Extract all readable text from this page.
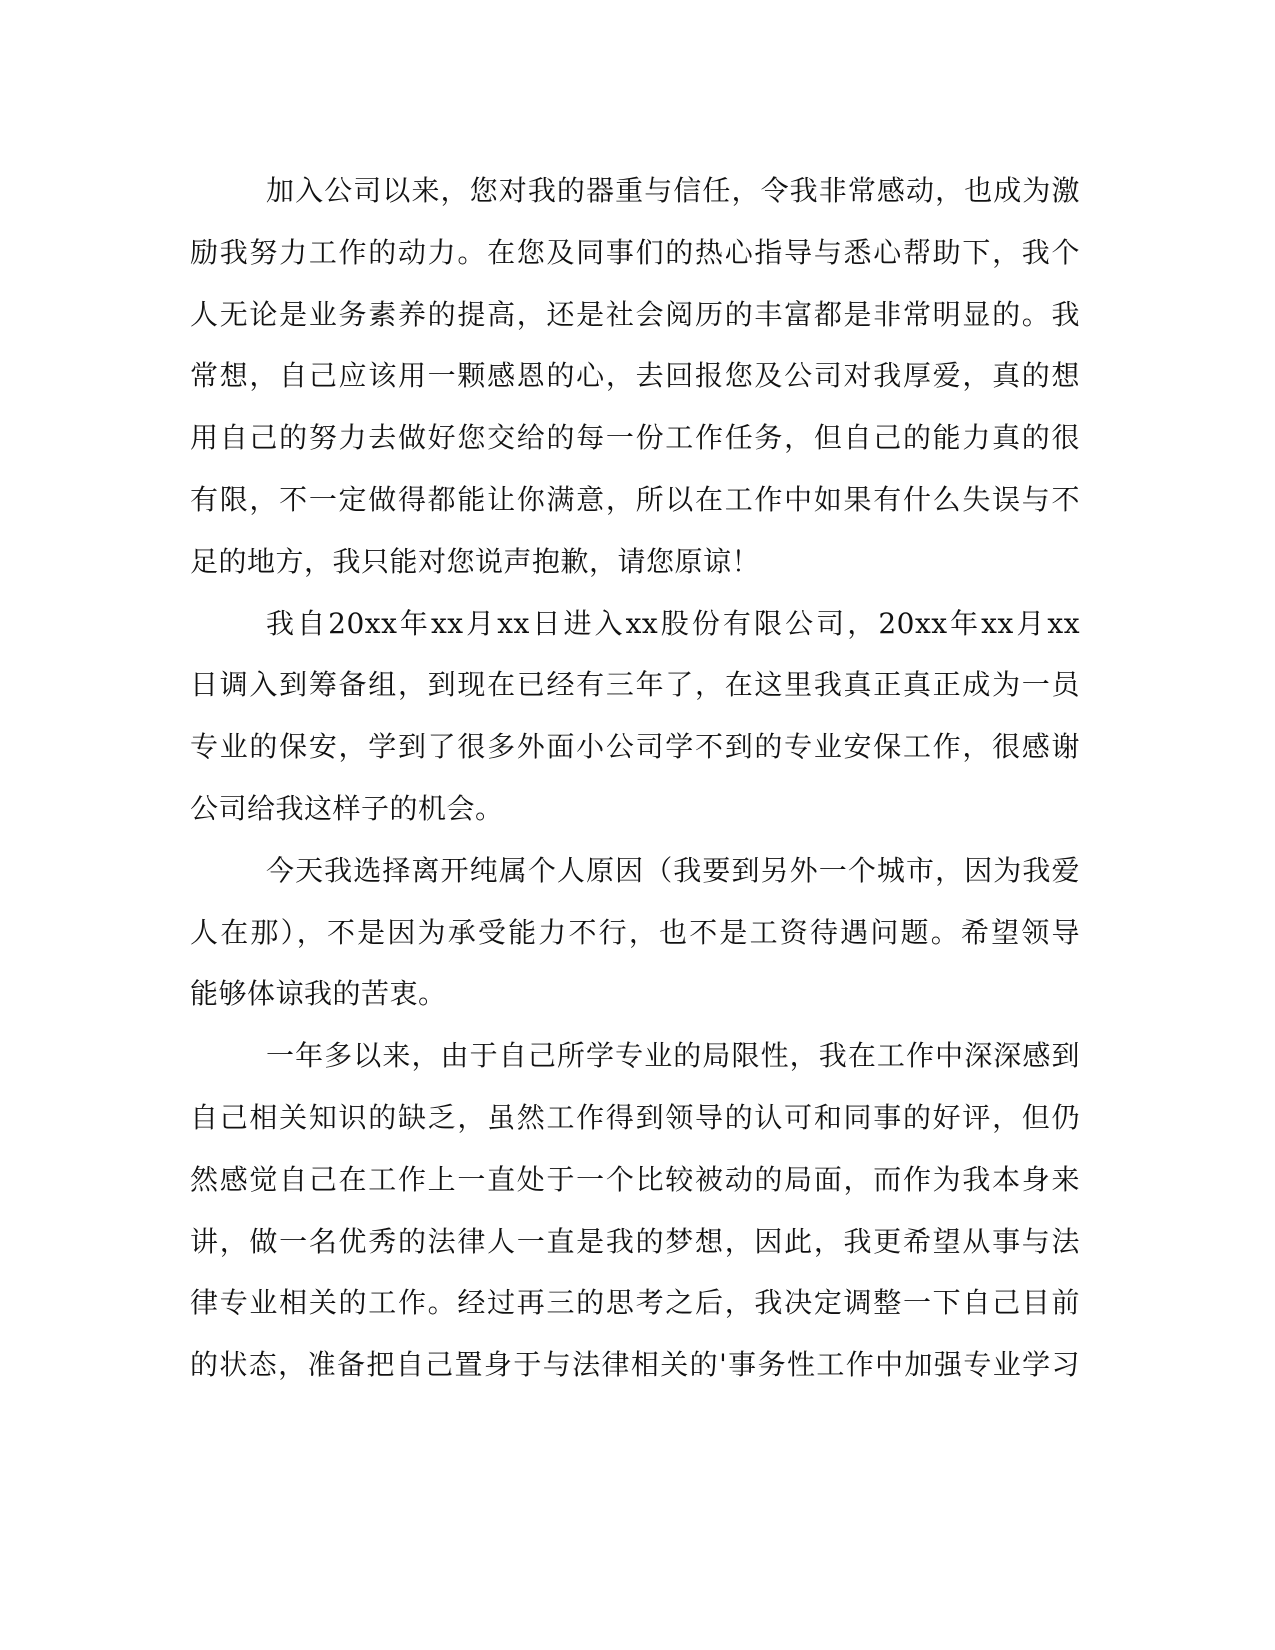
加入公司以来，您对我的器重与信任，令我非常感动，也成为激
励我努力工作的动力。在您及同事们的热心指导与悉心帮助下，我个
人无论是业务素养的提高，还是社会阅历的丰富都是非常明显的。我
常想，自己应该用一颗感恩的心，去回报您及公司对我厚爱，真的想
用自己的努力去做好您交给的每一份工作任务，但自己的能力真的很
有限，不一定做得都能让你满意，所以在工作中如果有什么失误与不
足的地方，我只能对您说声抱歉，请您原谅！
我自20xx年xx月xx日进入xx股份有限公司，20xx年xx月xx
日调入到筹备组，到现在已经有三年了，在这里我真正真正成为一员
专业的保安，学到了很多外面小公司学不到的专业安保工作，很感谢
公司给我这样子的机会。
今天我选择离开纯属个人原因（我要到另外一个城市，因为我爱
人在那），不是因为承受能力不行，也不是工资待遇问题。希望领导
能够体谅我的苦衷。
一年多以来，由于自己所学专业的局限性，我在工作中深深感到
自己相关知识的缺乏，虽然工作得到领导的认可和同事的好评，但仍
然感觉自己在工作上一直处于一个比较被动的局面，而作为我本身来
讲，做一名优秀的法律人一直是我的梦想，因此，我更希望从事与法
律专业相关的工作。经过再三的思考之后，我决定调整一下自己目前
的状态，准备把自己置身于与法律相关的'事务性工作中加强专业学习
